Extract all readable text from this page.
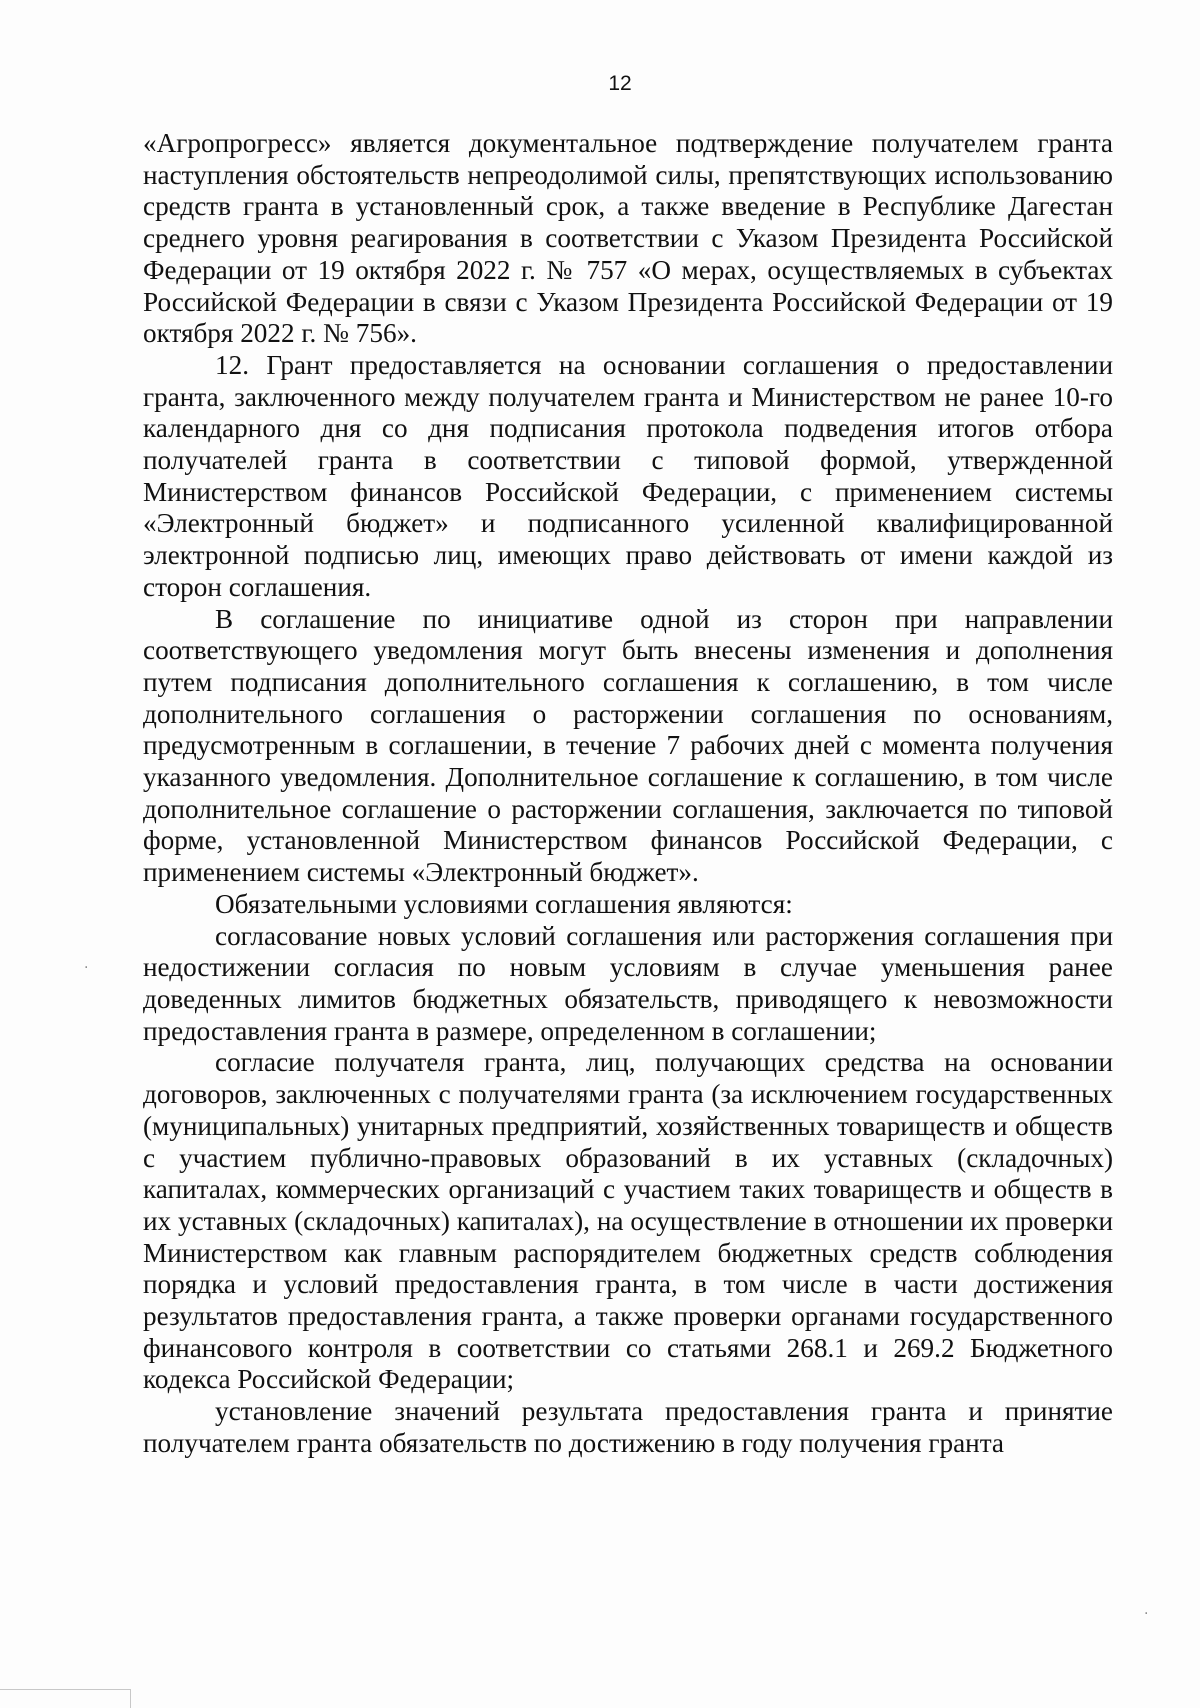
12

«Агропрогресс» является документальное подтверждение получателем гранта наступления обстоятельств непреодолимой силы, препятствующих использованию средств гранта в установленный срок, а также введение в Республике Дагестан среднего уровня реагирования в соответствии с Указом Президента Российской Федерации от 19 октября 2022 г. № 757 «О мерах, осуществляемых в субъектах Российской Федерации в связи с Указом Президента Российской Федерации от 19 октября 2022 г. № 756».

12. Грант предоставляется на основании соглашения о предоставлении гранта, заключенного между получателем гранта и Министерством не ранее 10-го календарного дня со дня подписания протокола подведения итогов отбора получателей гранта в соответствии с типовой формой, утвержденной Министерством финансов Российской Федерации, с применением системы «Электронный бюджет» и подписанного усиленной квалифицированной электронной подписью лиц, имеющих право действовать от имени каждой из сторон соглашения.

В соглашение по инициативе одной из сторон при направлении соответствующего уведомления могут быть внесены изменения и дополнения путем подписания дополнительного соглашения к соглашению, в том числе дополнительного соглашения о расторжении соглашения по основаниям, предусмотренным в соглашении, в течение 7 рабочих дней с момента получения указанного уведомления. Дополнительное соглашение к соглашению, в том числе дополнительное соглашение о расторжении соглашения, заключается по типовой форме, установленной Министерством финансов Российской Федерации, с применением системы «Электронный бюджет».

Обязательными условиями соглашения являются:

согласование новых условий соглашения или расторжения соглашения при недостижении согласия по новым условиям в случае уменьшения ранее доведенных лимитов бюджетных обязательств, приводящего к невозможности предоставления гранта в размере, определенном в соглашении;

согласие получателя гранта, лиц, получающих средства на основании договоров, заключенных с получателями гранта (за исключением государственных (муниципальных) унитарных предприятий, хозяйственных товариществ и обществ с участием публично-правовых образований в их уставных (складочных) капиталах, коммерческих организаций с участием таких товариществ и обществ в их уставных (складочных) капиталах), на осуществление в отношении их проверки Министерством как главным распорядителем бюджетных средств соблюдения порядка и условий предоставления гранта, в том числе в части достижения результатов предоставления гранта, а также проверки органами государственного финансового контроля в соответствии со статьями 268.1 и 269.2 Бюджетного кодекса Российской Федерации;

установление значений результата предоставления гранта и принятие получателем гранта обязательств по достижению в году получения гранта

·
·
